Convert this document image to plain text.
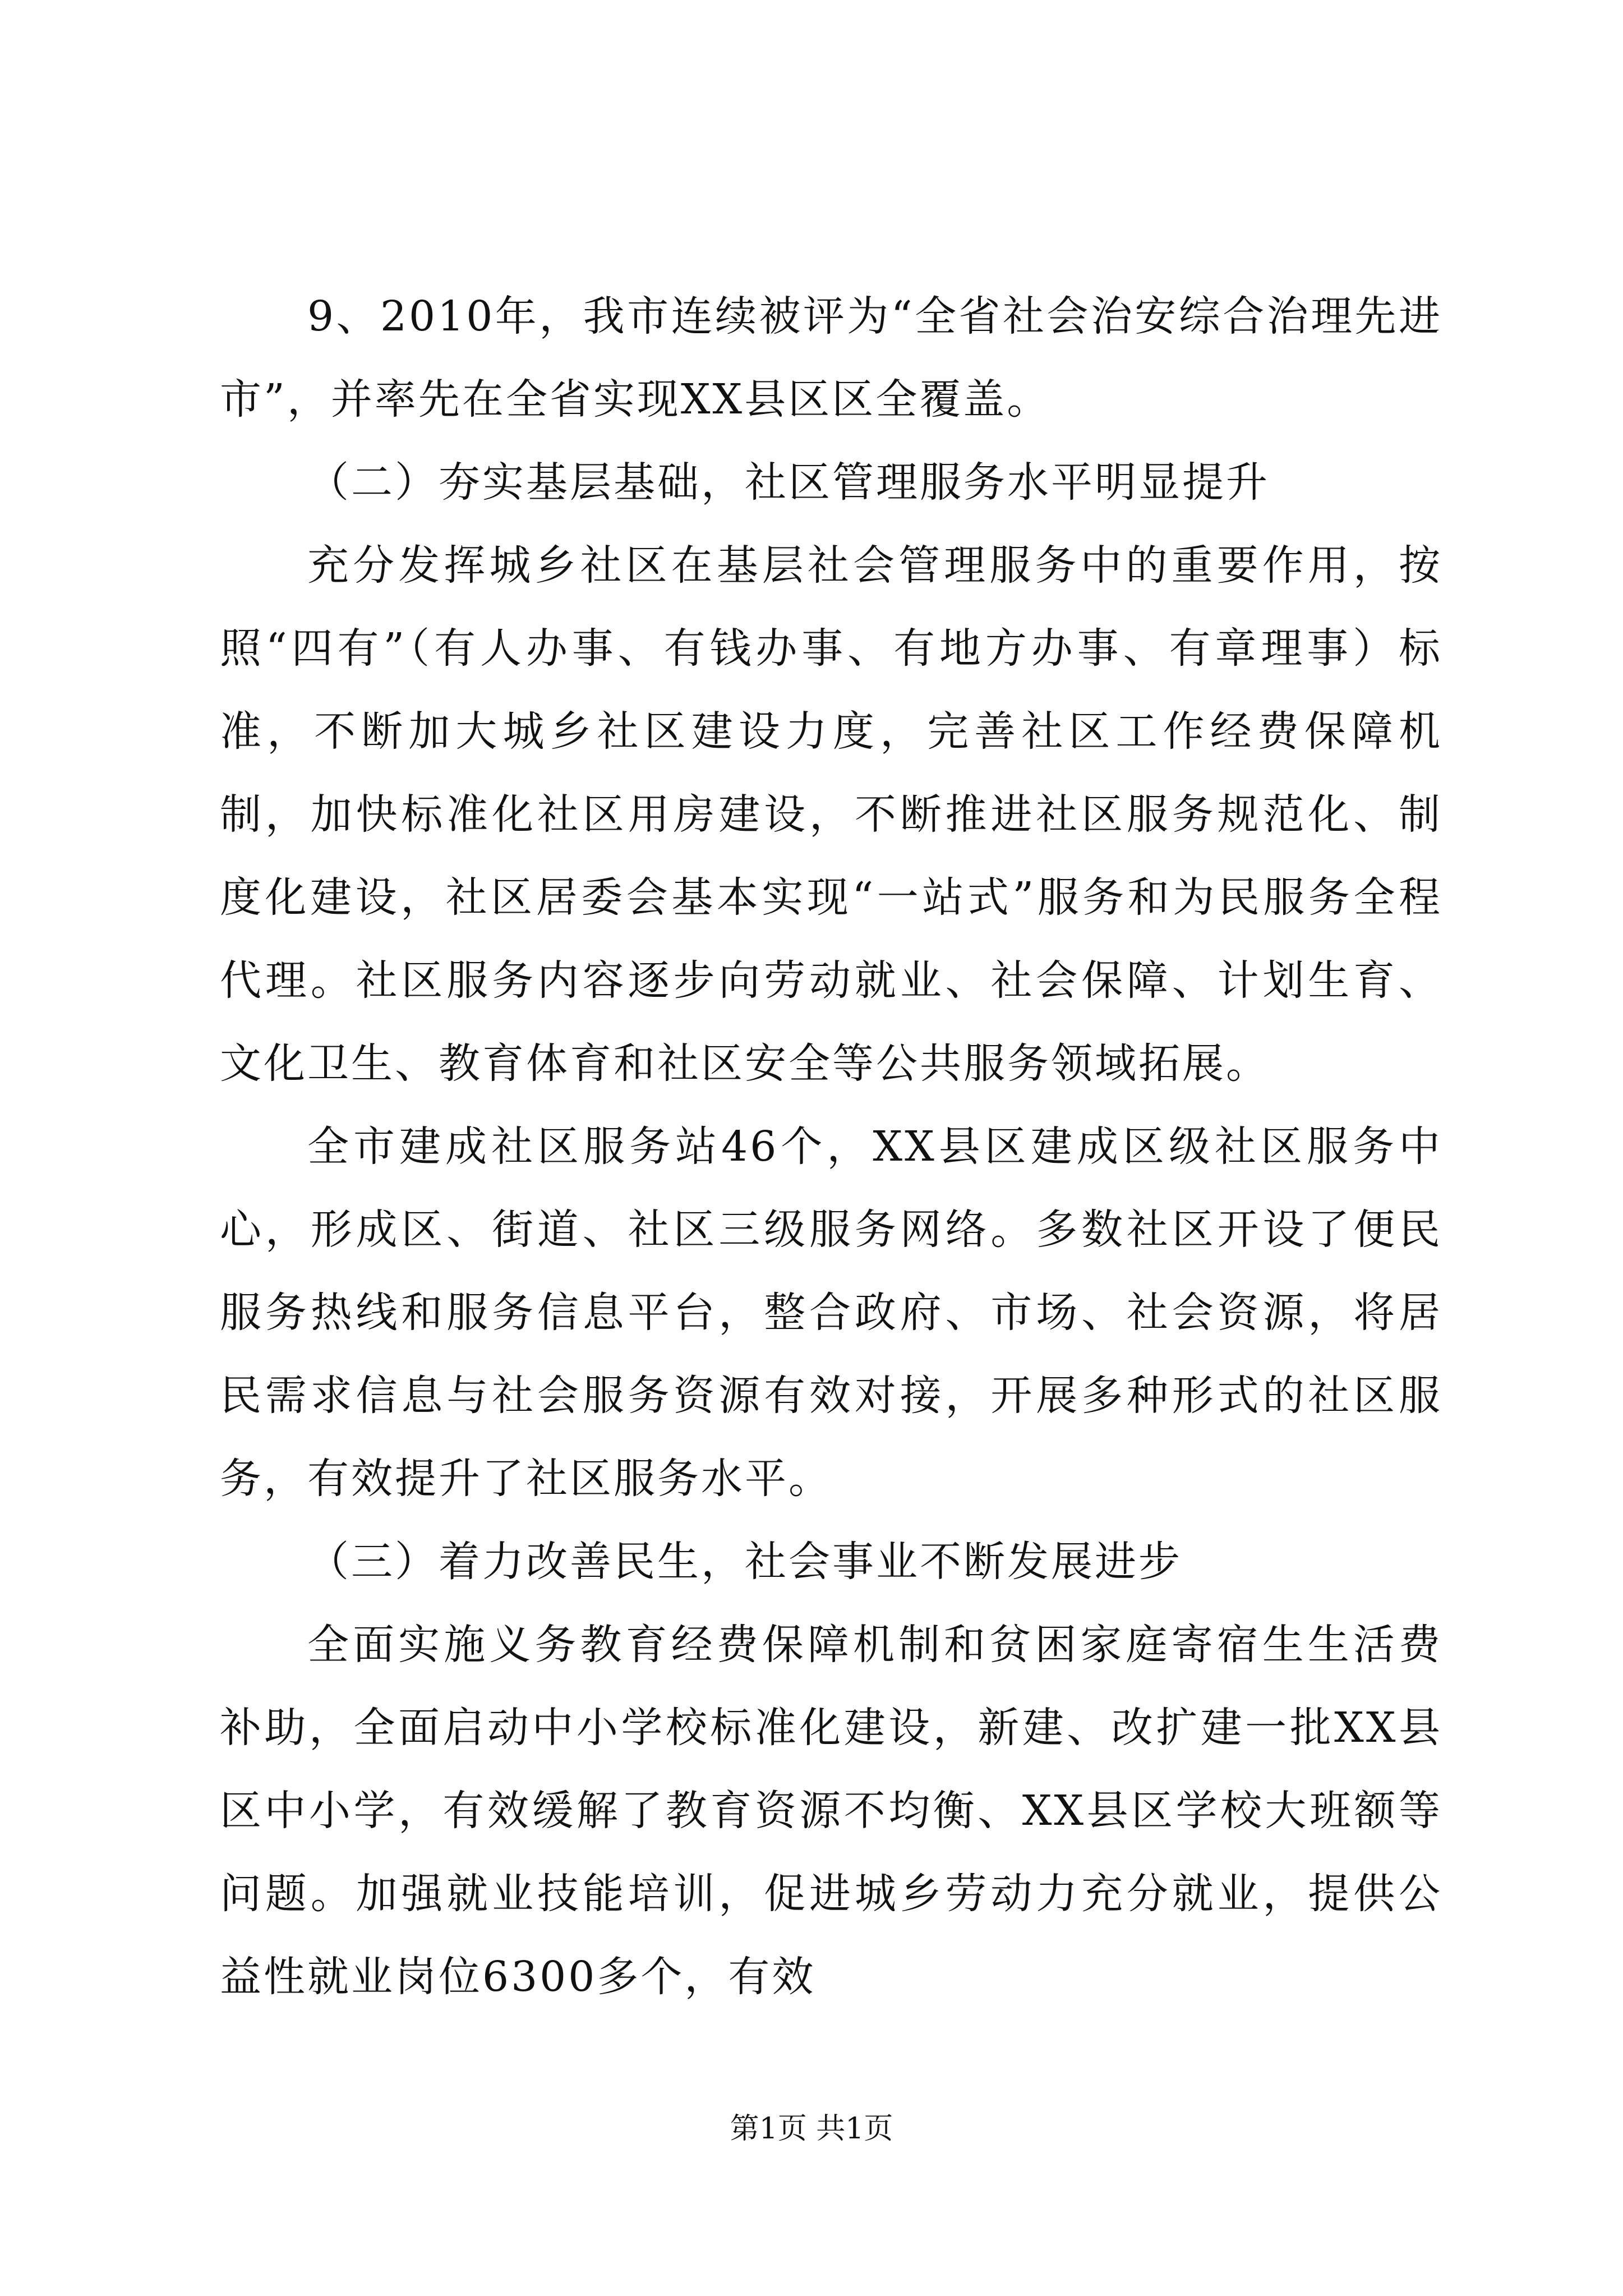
9、2010年，我市连续被评为“全省社会治安综合治理先进市”，并率先在全省实现XX县区区全覆盖。

（二）夯实基层基础，社区管理服务水平明显提升

充分发挥城乡社区在基层社会管理服务中的重要作用，按照“四有”（有人办事、有钱办事、有地方办事、有章理事）标准，不断加大城乡社区建设力度，完善社区工作经费保障机制，加快标准化社区用房建设，不断推进社区服务规范化、制度化建设，社区居委会基本实现“一站式”服务和为民服务全程代理。社区服务内容逐步向劳动就业、社会保障、计划生育、文化卫生、教育体育和社区安全等公共服务领域拓展。

全市建成社区服务站46个，XX县区建成区级社区服务中心，形成区、街道、社区三级服务网络。多数社区开设了便民服务热线和服务信息平台，整合政府、市场、社会资源，将居民需求信息与社会服务资源有效对接，开展多种形式的社区服务，有效提升了社区服务水平。

（三）着力改善民生，社会事业不断发展进步

全面实施义务教育经费保障机制和贫困家庭寄宿生生活费补助，全面启动中小学校标准化建设，新建、改扩建一批XX县区中小学，有效缓解了教育资源不均衡、XX县区学校大班额等问题。加强就业技能培训，促进城乡劳动力充分就业，提供公益性就业岗位6300多个，有效

第1页 共1页
